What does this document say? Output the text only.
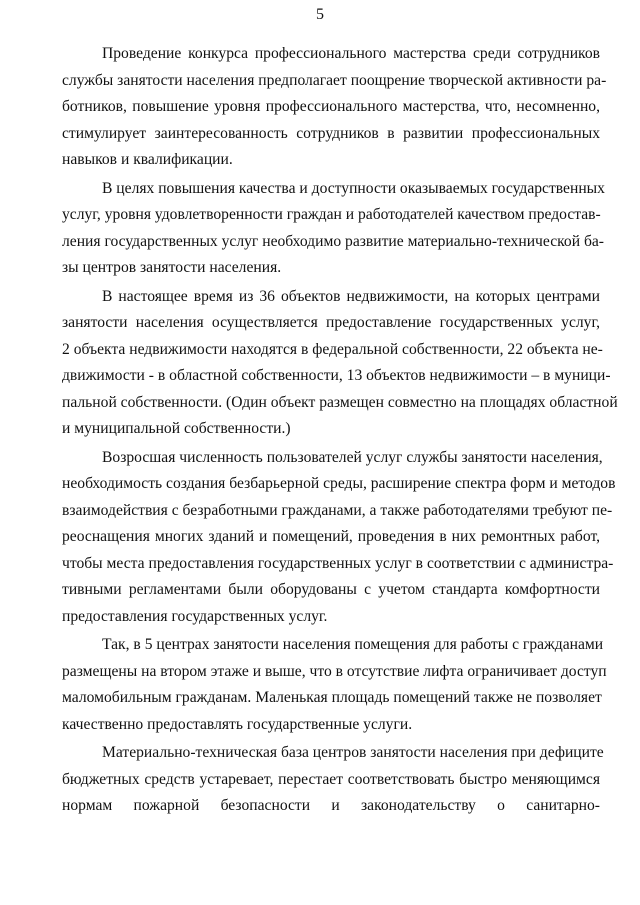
5
Проведение конкурса профессионального мастерства среди сотрудников
службы занятости населения предполагает поощрение творческой активности ра-
ботников, повышение уровня профессионального мастерства, что, несомненно,
стимулирует заинтересованность сотрудников в развитии профессиональных
навыков и квалификации.
В целях повышения качества и доступности оказываемых государственных
услуг, уровня удовлетворенности граждан и работодателей качеством предостав-
ления государственных услуг необходимо развитие материально-технической ба-
зы центров занятости населения.
В настоящее время из 36 объектов недвижимости, на которых центрами
занятости населения осуществляется предоставление государственных услуг,
2 объекта недвижимости находятся в федеральной собственности, 22 объекта не-
движимости - в областной собственности, 13 объектов недвижимости – в муници-
пальной собственности. (Один объект размещен совместно на площадях областной
и муниципальной собственности.)
Возросшая численность пользователей услуг службы занятости населения,
необходимость создания безбарьерной среды, расширение спектра форм и методов
взаимодействия с безработными гражданами, а также работодателями требуют пе-
реоснащения многих зданий и помещений, проведения в них ремонтных работ,
чтобы места предоставления государственных услуг в соответствии с администра-
тивными регламентами были оборудованы с учетом стандарта комфортности
предоставления государственных услуг.
Так, в 5 центрах занятости населения помещения для работы с гражданами
размещены на втором этаже и выше, что в отсутствие лифта ограничивает доступ
маломобильным гражданам. Маленькая площадь помещений также не позволяет
качественно предоставлять государственные услуги.
Материально-техническая база центров занятости населения при дефиците
бюджетных средств устаревает, перестает соответствовать быстро меняющимся
нормам пожарной безопасности и законодательству о санитарно-
